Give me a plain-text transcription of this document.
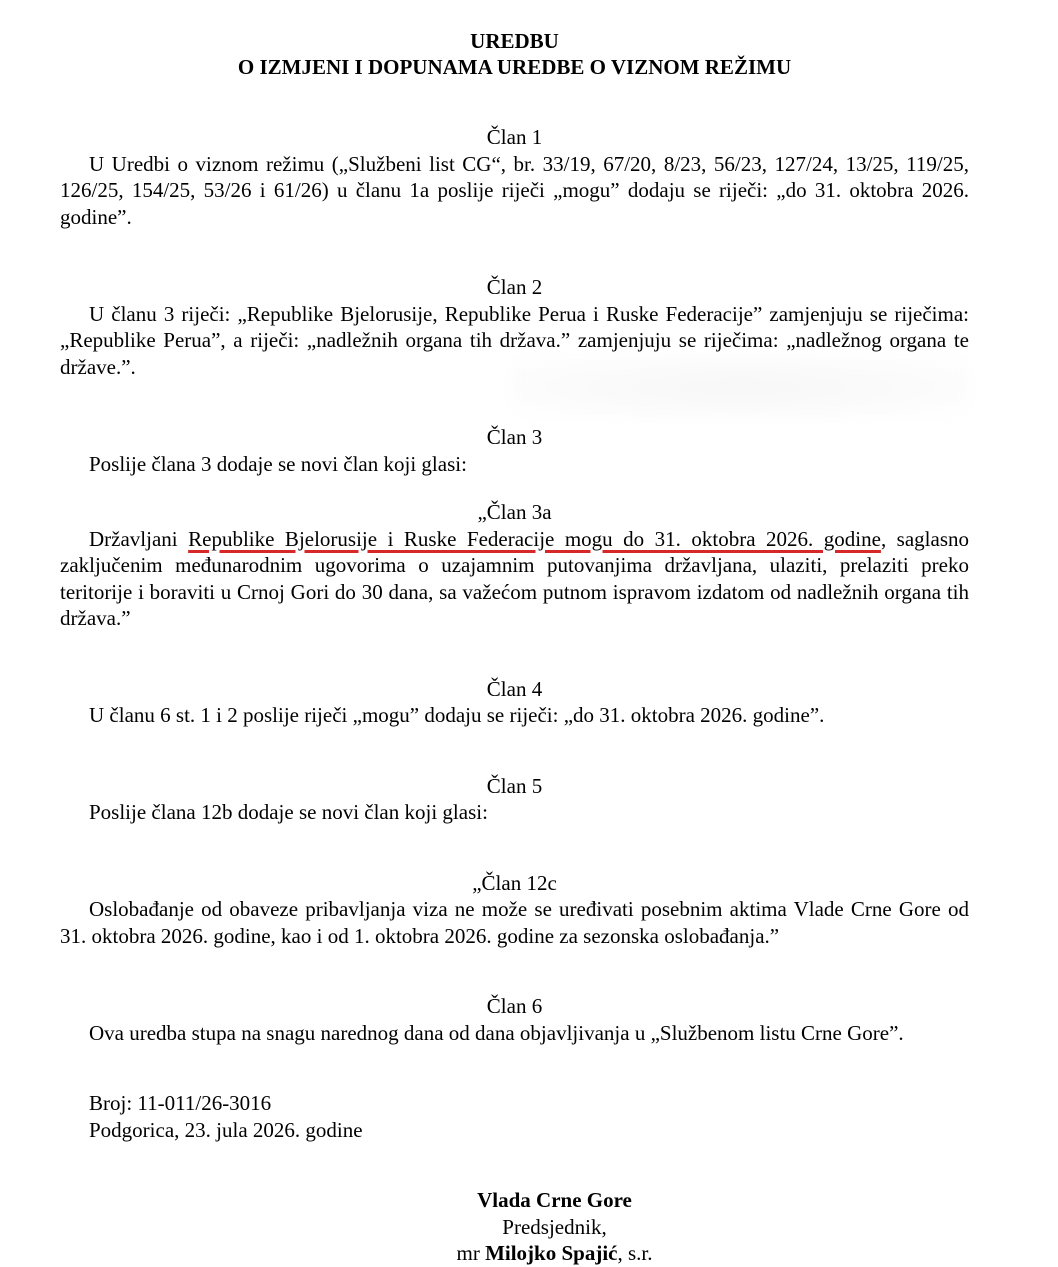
UREDBU

O IZMJENI I DOPUNAMA UREDBE O VIZNOM REŽIMU

Član 1

U Uredbi o viznom režimu („Službeni list CG“, br. 33/19, 67/20, 8/23, 56/23, 127/24, 13/25, 119/25, 126/25, 154/25, 53/26 i 61/26) u članu 1a poslije riječi „mogu” dodaju se riječi: „do 31. oktobra 2026. godine”.

Član 2

U članu 3 riječi: „Republike Bjelorusije, Republike Perua i Ruske Federacije” zamjenjuju se riječima: „Republike Perua”, a riječi: „nadležnih organa tih država.” zamjenjuju se riječima: „nadležnog organa te države.”.

Član 3

Poslije člana 3 dodaje se novi član koji glasi:

„Član 3a

Državljani Republike Bjelorusije i Ruske Federacije mogu do 31. oktobra 2026. godine, saglasno zaključenim međunarodnim ugovorima o uzajamnim putovanjima državljana, ulaziti, prelaziti preko teritorije i boraviti u Crnoj Gori do 30 dana, sa važećom putnom ispravom izdatom od nadležnih organa tih država.”

Član 4

U članu 6 st. 1 i 2 poslije riječi „mogu” dodaju se riječi: „do 31. oktobra 2026. godine”.

Član 5

Poslije člana 12b dodaje se novi član koji glasi:

„Član 12c

Oslobađanje od obaveze pribavljanja viza ne može se uređivati posebnim aktima Vlade Crne Gore od 31. oktobra 2026. godine, kao i od 1. oktobra 2026. godine za sezonska oslobađanja.”

Član 6

Ova uredba stupa na snagu narednog dana od dana objavljivanja u „Službenom listu Crne Gore”.

Broj: 11-011/26-3016

Podgorica, 23. jula 2026. godine

Vlada Crne Gore

Predsjednik,

mr Milojko Spajić, s.r.
